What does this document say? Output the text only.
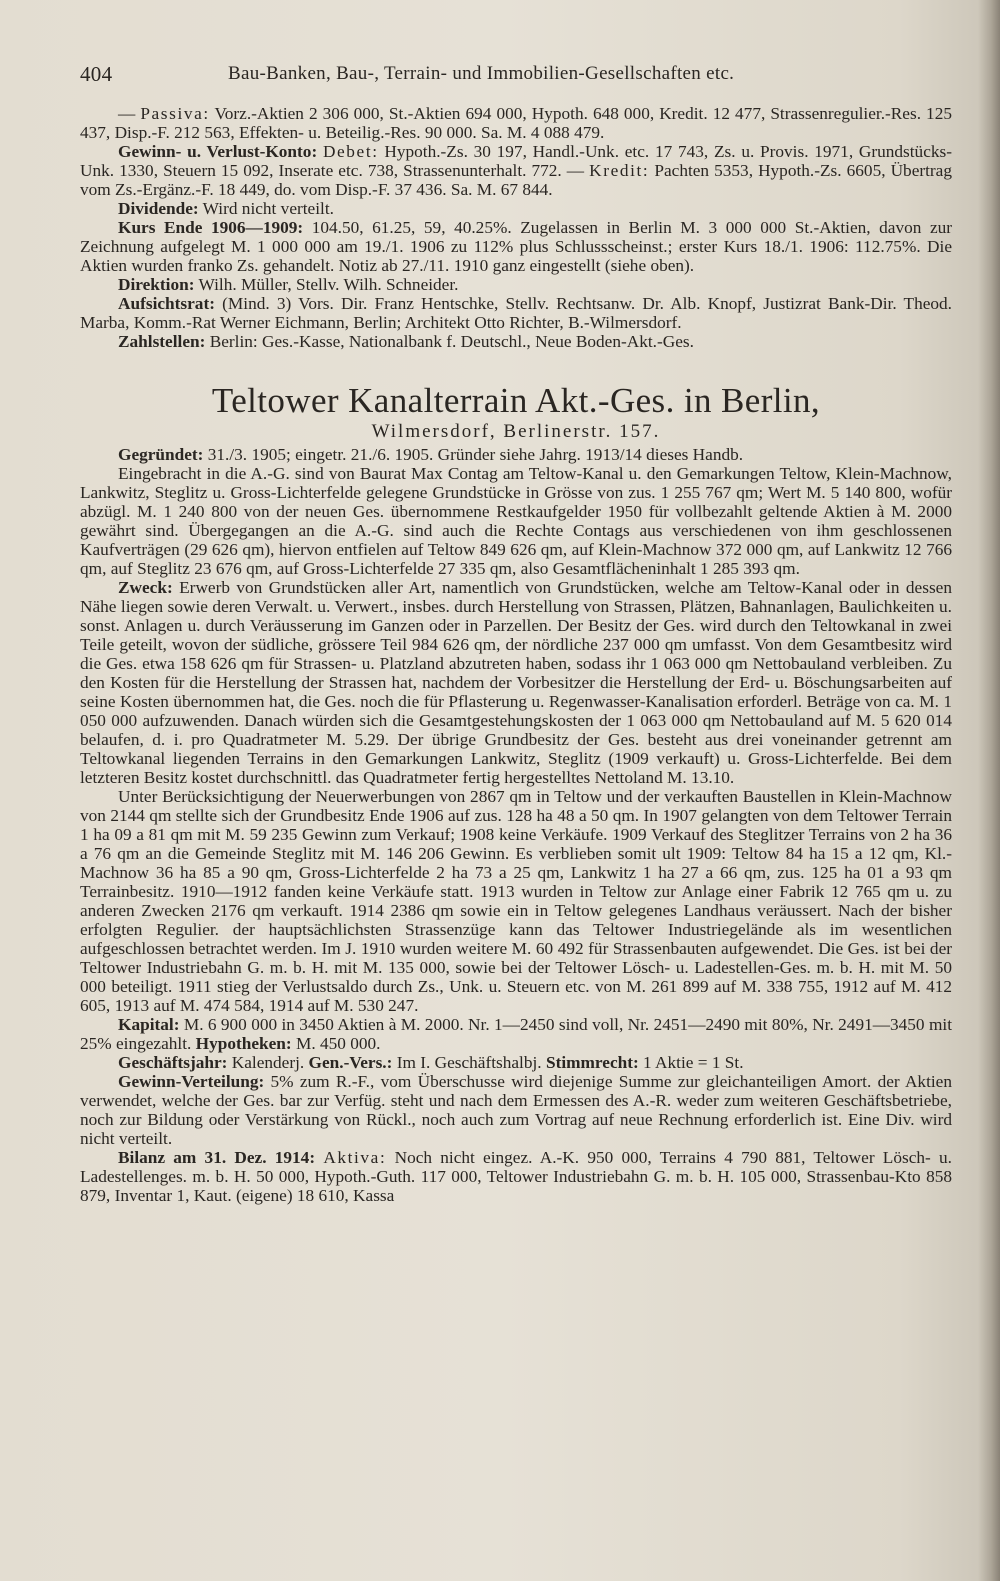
404	Bau-Banken, Bau-, Terrain- und Immobilien-Gesellschaften etc.

— Passiva: Vorz.-Aktien 2 306 000, St.-Aktien 694 000, Hypoth. 648 000, Kredit. 12 477, Strassenregulier.-Res. 125 437, Disp.-F. 212 563, Effekten- u. Beteilig.-Res. 90 000. Sa. M. 4 088 479.

Gewinn- u. Verlust-Konto: Debet: Hypoth.-Zs. 30 197, Handl.-Unk. etc. 17 743, Zs. u. Provis. 1971, Grundstücks-Unk. 1330, Steuern 15 092, Inserate etc. 738, Strassenunterhalt. 772. — Kredit: Pachten 5353, Hypoth.-Zs. 6605, Übertrag vom Zs.-Ergänz.-F. 18 449, do. vom Disp.-F. 37 436. Sa. M. 67 844.

Dividende: Wird nicht verteilt.

Kurs Ende 1906—1909: 104.50, 61.25, 59, 40.25%. Zugelassen in Berlin M. 3 000 000 St.-Aktien, davon zur Zeichnung aufgelegt M. 1 000 000 am 19./1. 1906 zu 112% plus Schlussscheinst.; erster Kurs 18./1. 1906: 112.75%. Die Aktien wurden franko Zs. gehandelt. Notiz ab 27./11. 1910 ganz eingestellt (siehe oben).

Direktion: Wilh. Müller, Stellv. Wilh. Schneider.

Aufsichtsrat: (Mind. 3) Vors. Dir. Franz Hentschke, Stellv. Rechtsanw. Dr. Alb. Knopf, Justizrat Bank-Dir. Theod. Marba, Komm.-Rat Werner Eichmann, Berlin; Architekt Otto Richter, B.-Wilmersdorf.

Zahlstellen: Berlin: Ges.-Kasse, Nationalbank f. Deutschl., Neue Boden-Akt.-Ges.

Teltower Kanalterrain Akt.-Ges. in Berlin,
Wilmersdorf, Berlinerstr. 157.

Gegründet: 31./3. 1905; eingetr. 21./6. 1905. Gründer siehe Jahrg. 1913/14 dieses Handb.

Eingebracht in die A.-G. sind von Baurat Max Contag am Teltow-Kanal u. den Gemarkungen Teltow, Klein-Machnow, Lankwitz, Steglitz u. Gross-Lichterfelde gelegene Grundstücke in Grösse von zus. 1 255 767 qm; Wert M. 5 140 800, wofür abzügl. M. 1 240 800 von der neuen Ges. übernommene Restkaufgelder 1950 für vollbezahlt geltende Aktien à M. 2000 gewährt sind. Übergegangen an die A.-G. sind auch die Rechte Contags aus verschiedenen von ihm geschlossenen Kaufverträgen (29 626 qm), hiervon entfielen auf Teltow 849 626 qm, auf Klein-Machnow 372 000 qm, auf Lankwitz 12 766 qm, auf Steglitz 23 676 qm, auf Gross-Lichterfelde 27 335 qm, also Gesamtflächeninhalt 1 285 393 qm.

Zweck: Erwerb von Grundstücken aller Art, namentlich von Grundstücken, welche am Teltow-Kanal oder in dessen Nähe liegen sowie deren Verwalt. u. Verwert., insbes. durch Herstellung von Strassen, Plätzen, Bahnanlagen, Baulichkeiten u. sonst. Anlagen u. durch Veräusserung im Ganzen oder in Parzellen. Der Besitz der Ges. wird durch den Teltowkanal in zwei Teile geteilt, wovon der südliche, grössere Teil 984 626 qm, der nördliche 237 000 qm umfasst. Von dem Gesamtbesitz wird die Ges. etwa 158 626 qm für Strassen- u. Platzland abzutreten haben, sodass ihr 1 063 000 qm Nettobauland verbleiben. Zu den Kosten für die Herstellung der Strassen hat, nachdem der Vorbesitzer die Herstellung der Erd- u. Böschungsarbeiten auf seine Kosten übernommen hat, die Ges. noch die für Pflasterung u. Regenwasser-Kanalisation erforderl. Beträge von ca. M. 1 050 000 aufzuwenden. Danach würden sich die Gesamtgestehungskosten der 1 063 000 qm Nettobauland auf M. 5 620 014 belaufen, d. i. pro Quadratmeter M. 5.29. Der übrige Grundbesitz der Ges. besteht aus drei voneinander getrennt am Teltowkanal liegenden Terrains in den Gemarkungen Lankwitz, Steglitz (1909 verkauft) u. Gross-Lichterfelde. Bei dem letzteren Besitz kostet durchschnittl. das Quadratmeter fertig hergestelltes Nettoland M. 13.10.

Unter Berücksichtigung der Neuerwerbungen von 2867 qm in Teltow und der verkauften Baustellen in Klein-Machnow von 2144 qm stellte sich der Grundbesitz Ende 1906 auf zus. 128 ha 48 a 50 qm. In 1907 gelangten von dem Teltower Terrain 1 ha 09 a 81 qm mit M. 59 235 Gewinn zum Verkauf; 1908 keine Verkäufe. 1909 Verkauf des Steglitzer Terrains von 2 ha 36 a 76 qm an die Gemeinde Steglitz mit M. 146 206 Gewinn. Es verblieben somit ult 1909: Teltow 84 ha 15 a 12 qm, Kl.-Machnow 36 ha 85 a 90 qm, Gross-Lichterfelde 2 ha 73 a 25 qm, Lankwitz 1 ha 27 a 66 qm, zus. 125 ha 01 a 93 qm Terrainbesitz. 1910—1912 fanden keine Verkäufe statt. 1913 wurden in Teltow zur Anlage einer Fabrik 12 765 qm u. zu anderen Zwecken 2176 qm verkauft. 1914 2386 qm sowie ein in Teltow gelegenes Landhaus veräussert. Nach der bisher erfolgten Regulier. der hauptsächlichsten Strassenzüge kann das Teltower Industriegelände als im wesentlichen aufgeschlossen betrachtet werden. Im J. 1910 wurden weitere M. 60 492 für Strassenbauten aufgewendet. Die Ges. ist bei der Teltower Industriebahn G. m. b. H. mit M. 135 000, sowie bei der Teltower Lösch- u. Ladestellen-Ges. m. b. H. mit M. 50 000 beteiligt. 1911 stieg der Verlustsaldo durch Zs., Unk. u. Steuern etc. von M. 261 899 auf M. 338 755, 1912 auf M. 412 605, 1913 auf M. 474 584, 1914 auf M. 530 247.

Kapital: M. 6 900 000 in 3450 Aktien à M. 2000. Nr. 1—2450 sind voll, Nr. 2451—2490 mit 80%, Nr. 2491—3450 mit 25% eingezahlt. Hypotheken: M. 450 000.

Geschäftsjahr: Kalenderj. Gen.-Vers.: Im I. Geschäftshalbj. Stimmrecht: 1 Aktie = 1 St.

Gewinn-Verteilung: 5% zum R.-F., vom Überschusse wird diejenige Summe zur gleichanteiligen Amort. der Aktien verwendet, welche der Ges. bar zur Verfüg. steht und nach dem Ermessen des A.-R. weder zum weiteren Geschäftsbetriebe, noch zur Bildung oder Verstärkung von Rückl., noch auch zum Vortrag auf neue Rechnung erforderlich ist. Eine Div. wird nicht verteilt.

Bilanz am 31. Dez. 1914: Aktiva: Noch nicht eingez. A.-K. 950 000, Terrains 4 790 881, Teltower Lösch- u. Ladestellenges. m. b. H. 50 000, Hypoth.-Guth. 117 000, Teltower Industriebahn G. m. b. H. 105 000, Strassenbau-Kto 858 879, Inventar 1, Kaut. (eigene) 18 610, Kassa
